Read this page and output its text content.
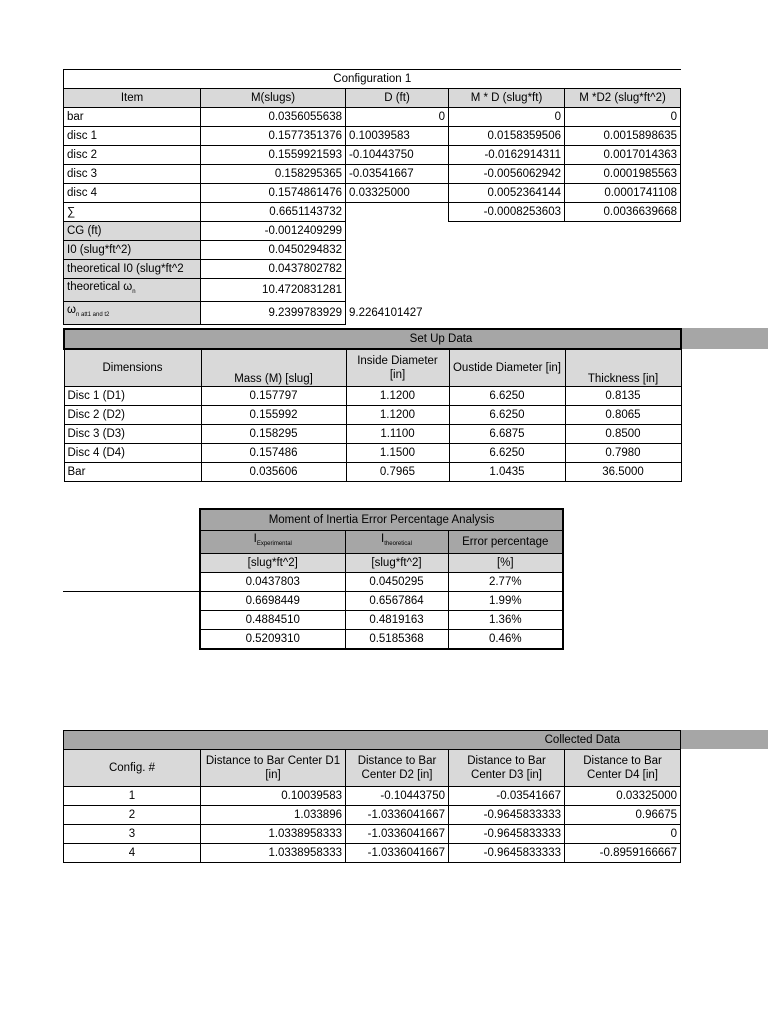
Configuration 1				
Item	M(slugs)	D (ft)	M * D (slug*ft)	M *D2 (slug*ft^2)
bar	0.0356055638	0	0	0
disc 1	0.1577351376	0.10039583	0.0158359506	0.0015898635
disc 2	0.1559921593	-0.10443750	-0.0162914311	0.0017014363
disc 3	0.158295365	-0.03541667	-0.0056062942	0.0001985563
disc 4	0.1574861476	0.03325000	0.0052364144	0.0001741108
∑	0.6651143732		-0.0008253603	0.0036639668
CG (ft)	-0.0012409299			
I0 (slug*ft^2)	0.0450294832			
theoretical I0 (slug*ft^2	0.0437802782			
theoretical $\omega_n$	10.4720831281			
$\omega_{n att1 and t2}$	9.2399783929	9.2264101427		
Set Up Data				
Dimensions	Mass (M) [slug]	Inside Diameter [in]	Oustide Diameter [in]	Thickness [in]
Disc 1 (D1)	0.157797	1.1200	6.6250	0.8135
Disc 2 (D2)	0.155992	1.1200	6.6250	0.8065
Disc 3 (D3)	0.158295	1.1100	6.6875	0.8500
Disc 4 (D4)	0.157486	1.1500	6.6250	0.7980
Bar	0.035606	0.7965	1.0435	36.5000
Moment of Inertia Error Percentage Analysis		
$I_{Experimental}$	$I_{theoretical}$	Error percentage
[slug*ft^2]	[slug*ft^2]	[%]
0.0437803	0.0450295	2.77%
0.6698449	0.6567864	1.99%
0.4884510	0.4819163	1.36%
0.5209310	0.5185368	0.46%
Collected Data				
Config. #	Distance to Bar Center D1 [in]	Distance to Bar Center D2 [in]	Distance to Bar Center D3 [in]	Distance to Bar Center D4 [in]
1	0.10039583	-0.10443750	-0.03541667	0.03325000
2	1.033896	-1.0336041667	-0.9645833333	0.96675
3	1.0338958333	-1.0336041667	-0.9645833333	0
4	1.0338958333	-1.0336041667	-0.9645833333	-0.8959166667
